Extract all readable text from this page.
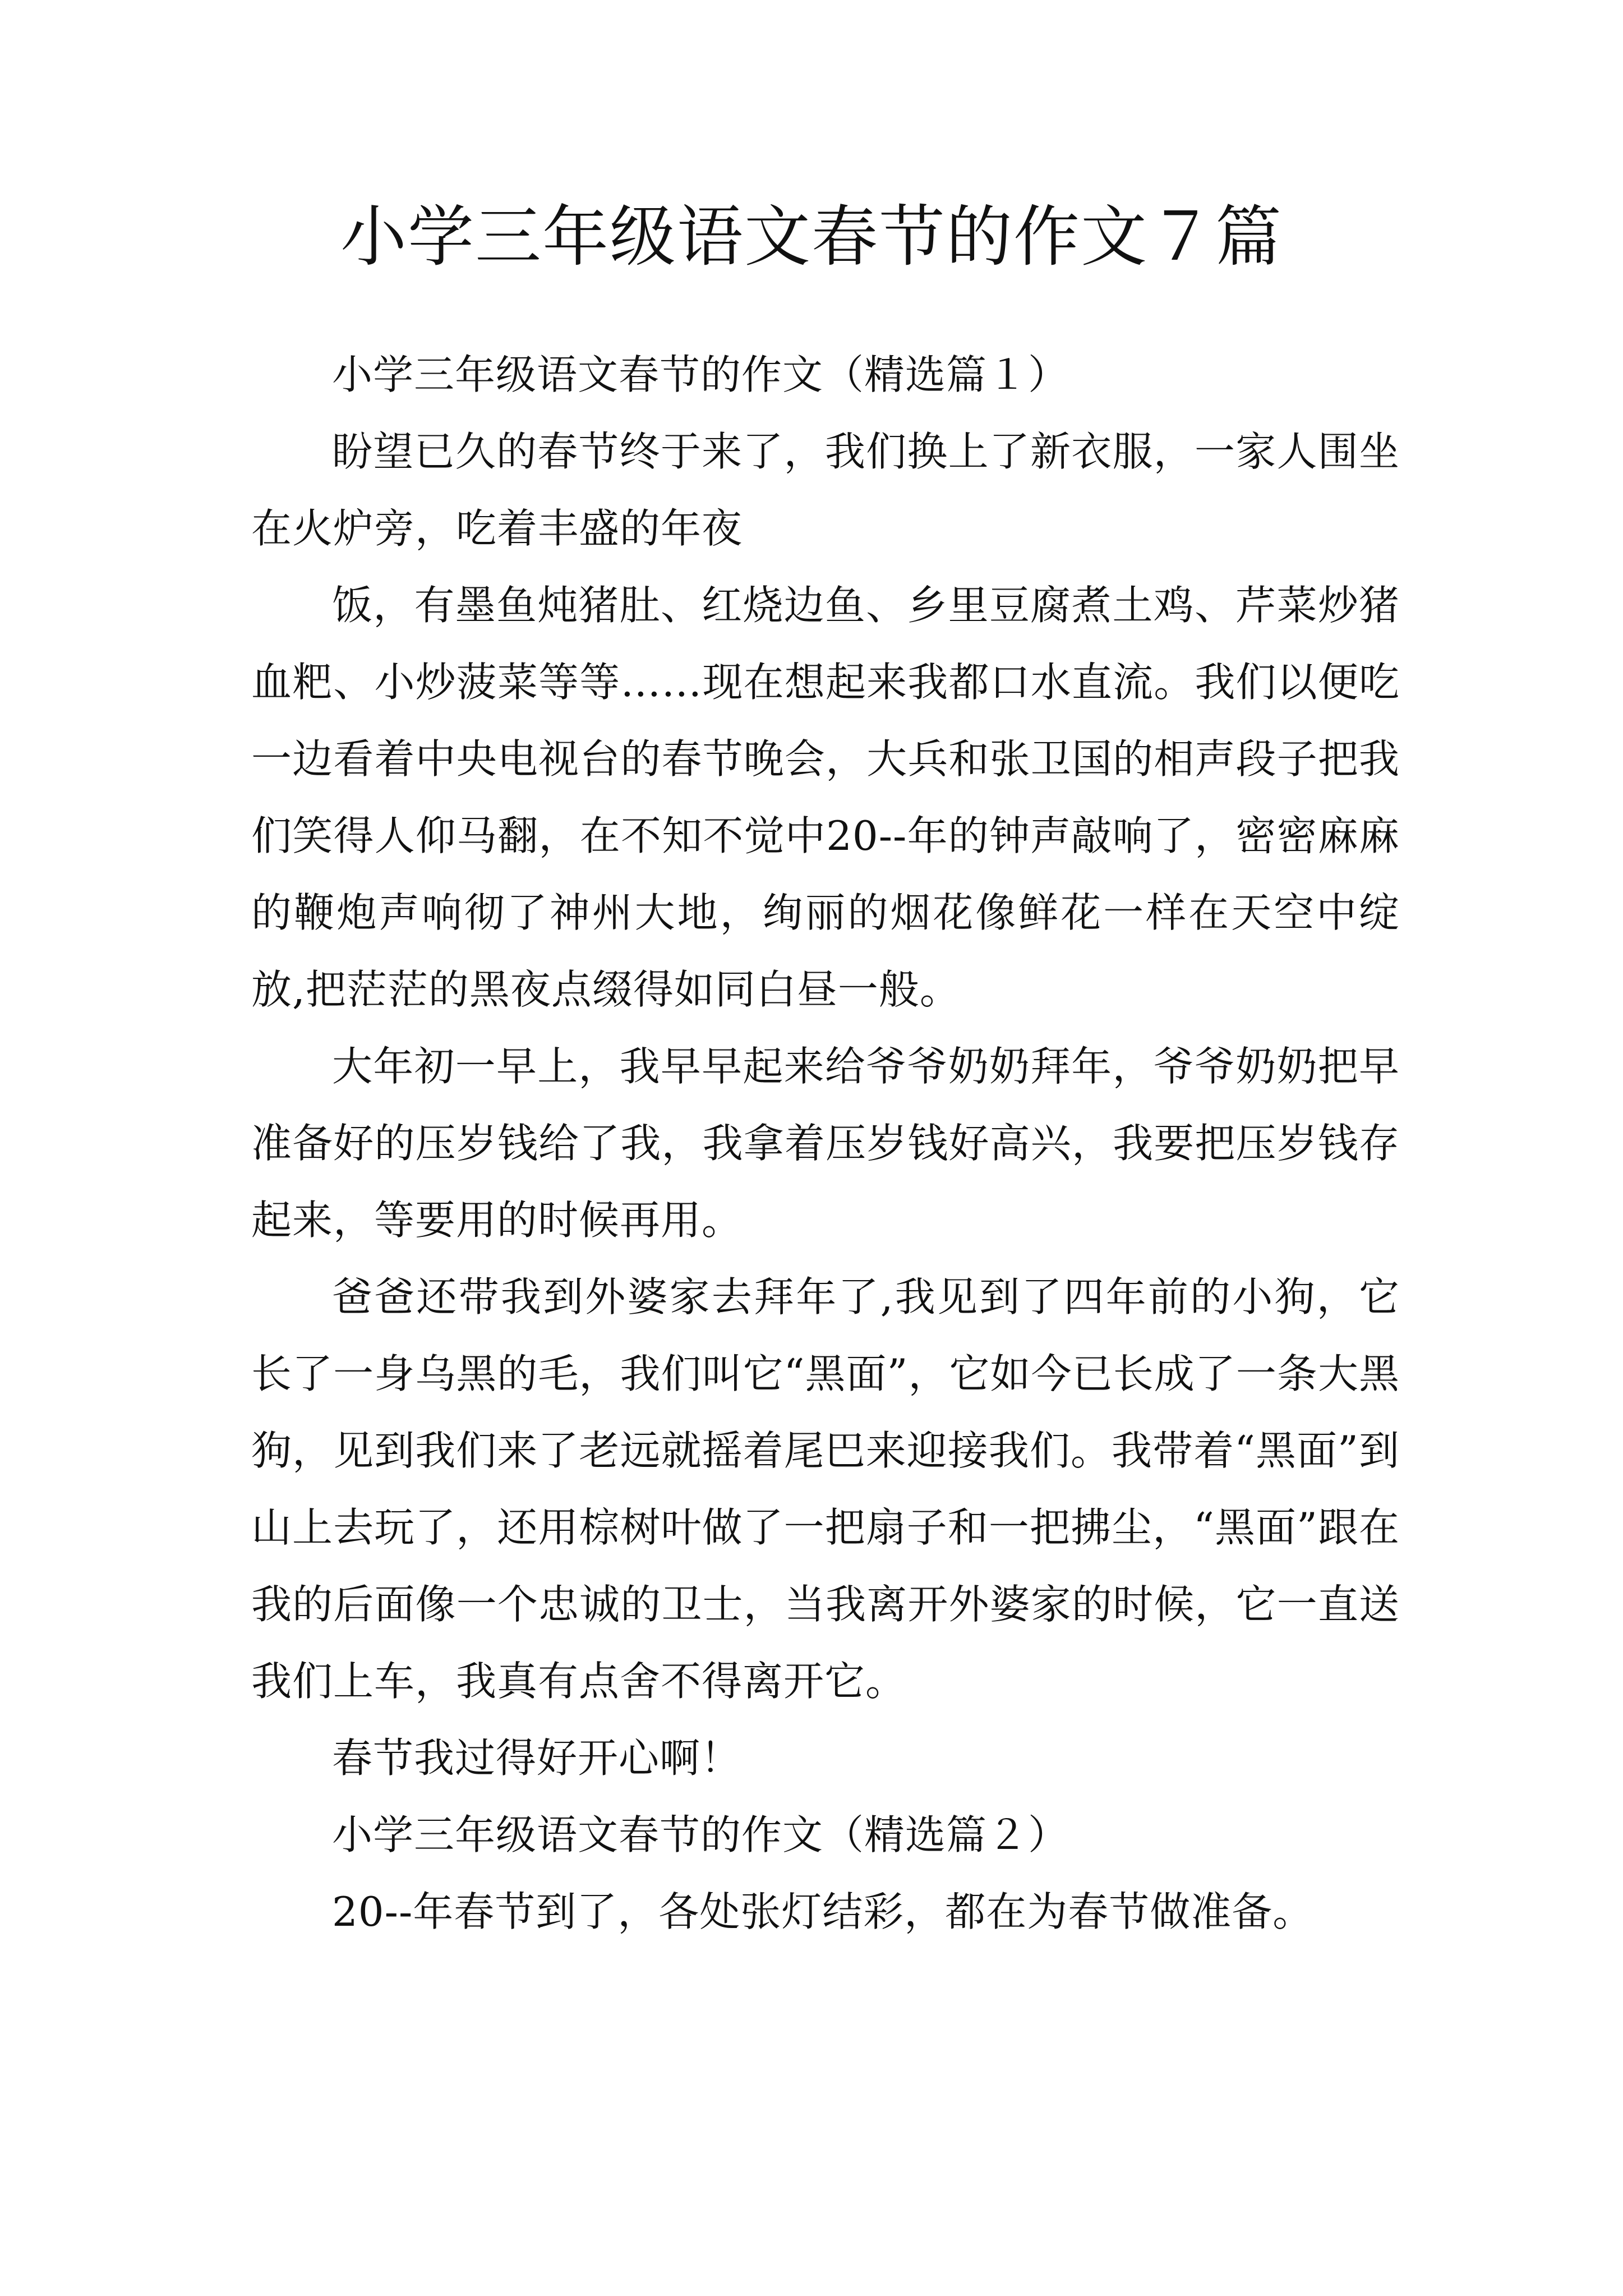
小学三年级语文春节的作文７篇

小学三年级语文春节的作文（精选篇１）

盼望已久的春节终于来了，我们换上了新衣服，一家人围坐在火炉旁，吃着丰盛的年夜

饭，有墨鱼炖猪肚、红烧边鱼、乡里豆腐煮土鸡、芹菜炒猪血粑、小炒菠菜等等……现在想起来我都口水直流。我们以便吃一边看着中央电视台的春节晚会，大兵和张卫国的相声段子把我们笑得人仰马翻，在不知不觉中20--年的钟声敲响了，密密麻麻的鞭炮声响彻了神州大地，绚丽的烟花像鲜花一样在天空中绽放,把茫茫的黑夜点缀得如同白昼一般。

大年初一早上，我早早起来给爷爷奶奶拜年，爷爷奶奶把早准备好的压岁钱给了我，我拿着压岁钱好高兴，我要把压岁钱存起来，等要用的时候再用。

爸爸还带我到外婆家去拜年了,我见到了四年前的小狗，它长了一身乌黑的毛，我们叫它“黑面”，它如今已长成了一条大黑狗，见到我们来了老远就摇着尾巴来迎接我们。我带着“黑面”到山上去玩了，还用棕树叶做了一把扇子和一把拂尘，“黑面”跟在我的后面像一个忠诚的卫士，当我离开外婆家的时候，它一直送我们上车，我真有点舍不得离开它。

春节我过得好开心啊！

小学三年级语文春节的作文（精选篇２）

20--年春节到了，各处张灯结彩，都在为春节做准备。
